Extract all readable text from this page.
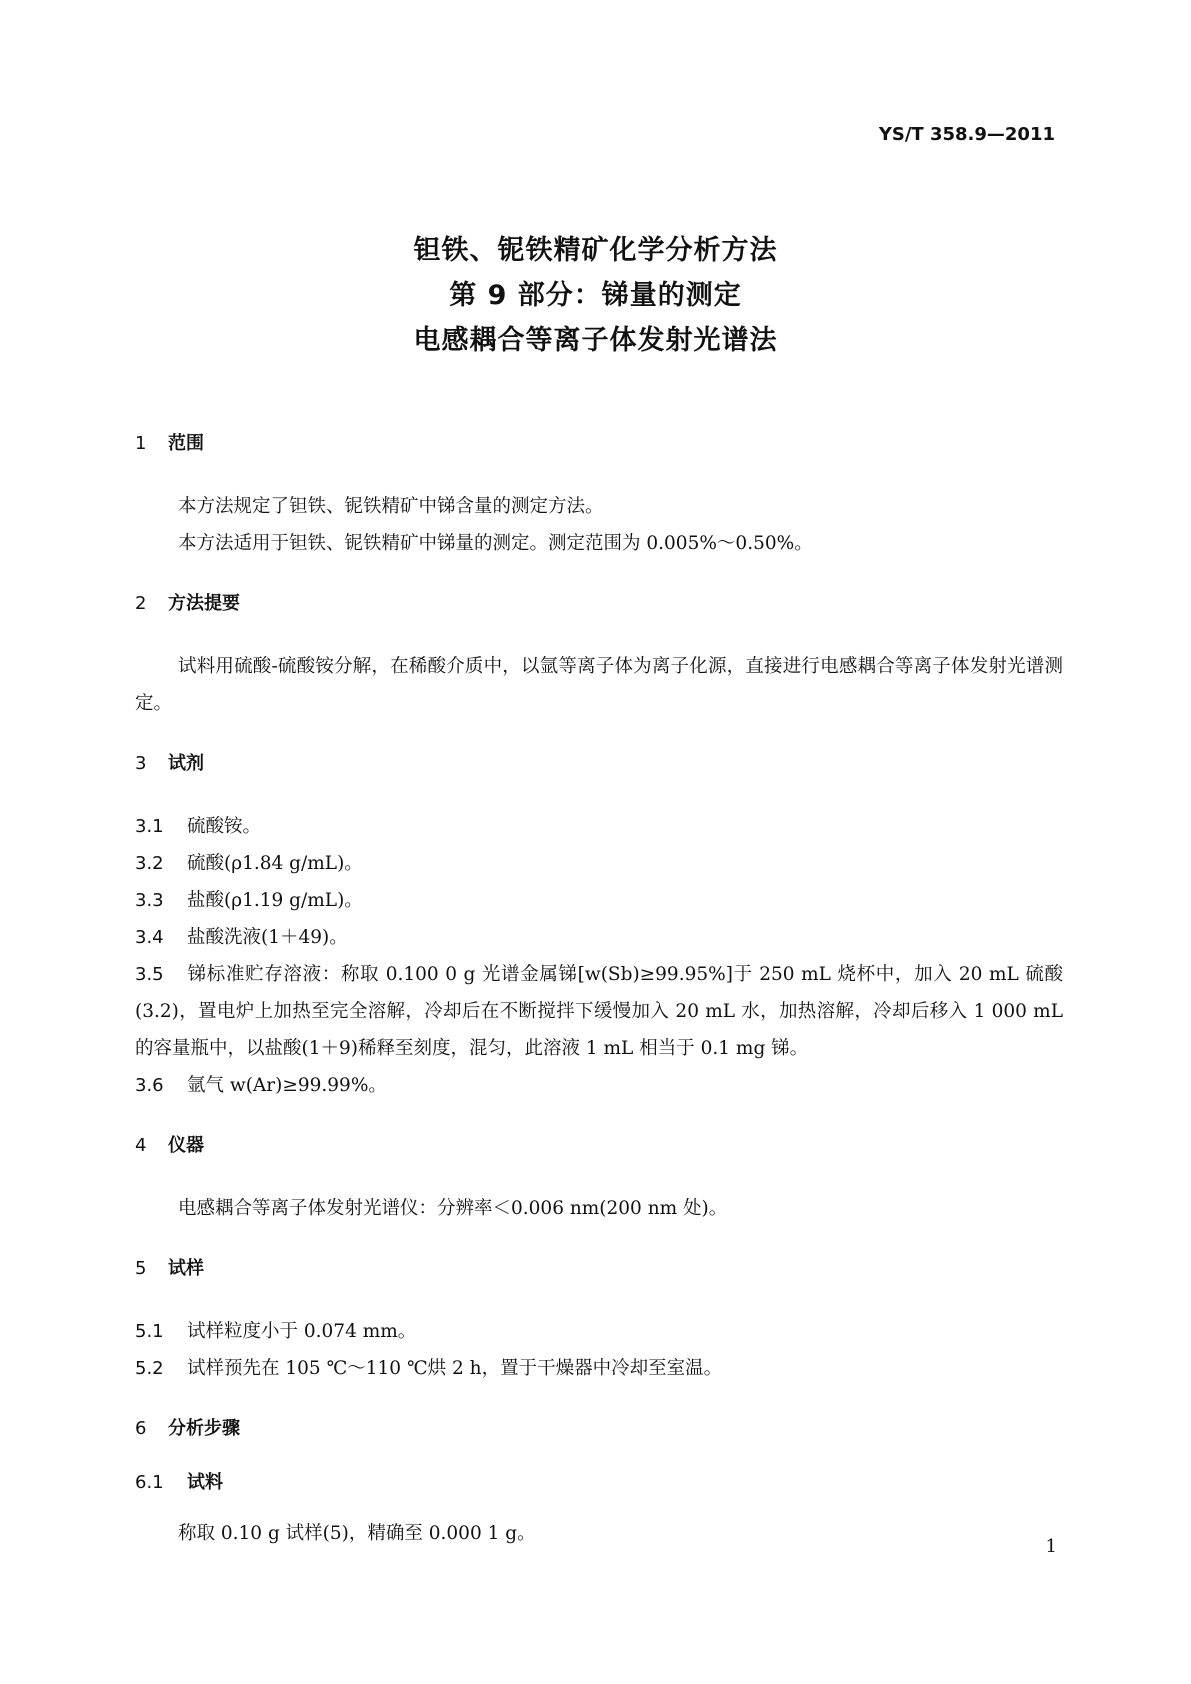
YS/T 358.9—2011
钽铁、铌铁精矿化学分析方法
第 9 部分：锑量的测定
电感耦合等离子体发射光谱法
1 范围
本方法规定了钽铁、铌铁精矿中锑含量的测定方法。
本方法适用于钽铁、铌铁精矿中锑量的测定。测定范围为 0.005%～0.50%。
2 方法提要
试料用硫酸-硫酸铵分解，在稀酸介质中，以氩等离子体为离子化源，直接进行电感耦合等离子体发射光谱测定。
3 试剂
3.1 硫酸铵。
3.2 硫酸(ρ1.84 g/mL)。
3.3 盐酸(ρ1.19 g/mL)。
3.4 盐酸洗液(1＋49)。
3.5 锑标准贮存溶液：称取 0.100 0 g 光谱金属锑[w(Sb)≥99.95%]于 250 mL 烧杯中，加入 20 mL 硫酸(3.2)，置电炉上加热至完全溶解，冷却后在不断搅拌下缓慢加入 20 mL 水，加热溶解，冷却后移入 1 000 mL 的容量瓶中，以盐酸(1＋9)稀释至刻度，混匀，此溶液 1 mL 相当于 0.1 mg 锑。
3.6 氩气 w(Ar)≥99.99%。
4 仪器
电感耦合等离子体发射光谱仪：分辨率＜0.006 nm(200 nm 处)。
5 试样
5.1 试样粒度小于 0.074 mm。
5.2 试样预先在 105 ℃～110 ℃烘 2 h，置于干燥器中冷却至室温。
6 分析步骤
6.1 试料
称取 0.10 g 试样(5)，精确至 0.000 1 g。
1
